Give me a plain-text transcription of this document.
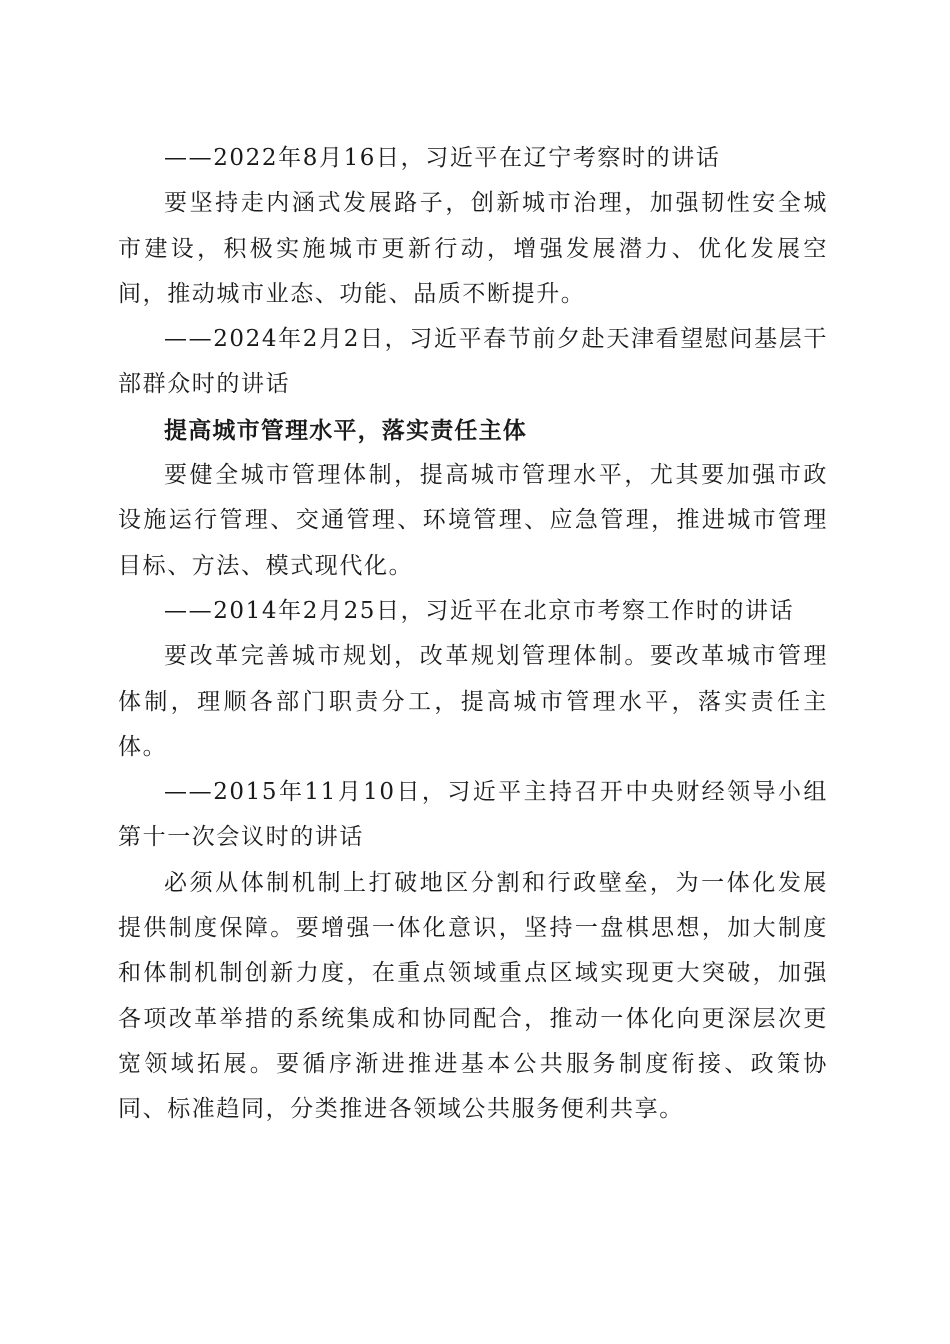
——2022年8月16日，习近平在辽宁考察时的讲话

要坚持走内涵式发展路子，创新城市治理，加强韧性安全城市建设，积极实施城市更新行动，增强发展潜力、优化发展空间，推动城市业态、功能、品质不断提升。

——2024年2月2日，习近平春节前夕赴天津看望慰问基层干部群众时的讲话

提高城市管理水平，落实责任主体

要健全城市管理体制，提高城市管理水平，尤其要加强市政设施运行管理、交通管理、环境管理、应急管理，推进城市管理目标、方法、模式现代化。

——2014年2月25日，习近平在北京市考察工作时的讲话

要改革完善城市规划，改革规划管理体制。要改革城市管理体制，理顺各部门职责分工，提高城市管理水平，落实责任主体。

——2015年11月10日，习近平主持召开中央财经领导小组第十一次会议时的讲话

必须从体制机制上打破地区分割和行政壁垒，为一体化发展提供制度保障。要增强一体化意识，坚持一盘棋思想，加大制度和体制机制创新力度，在重点领域重点区域实现更大突破，加强各项改革举措的系统集成和协同配合，推动一体化向更深层次更宽领域拓展。要循序渐进推进基本公共服务制度衔接、政策协同、标准趋同，分类推进各领域公共服务便利共享。
